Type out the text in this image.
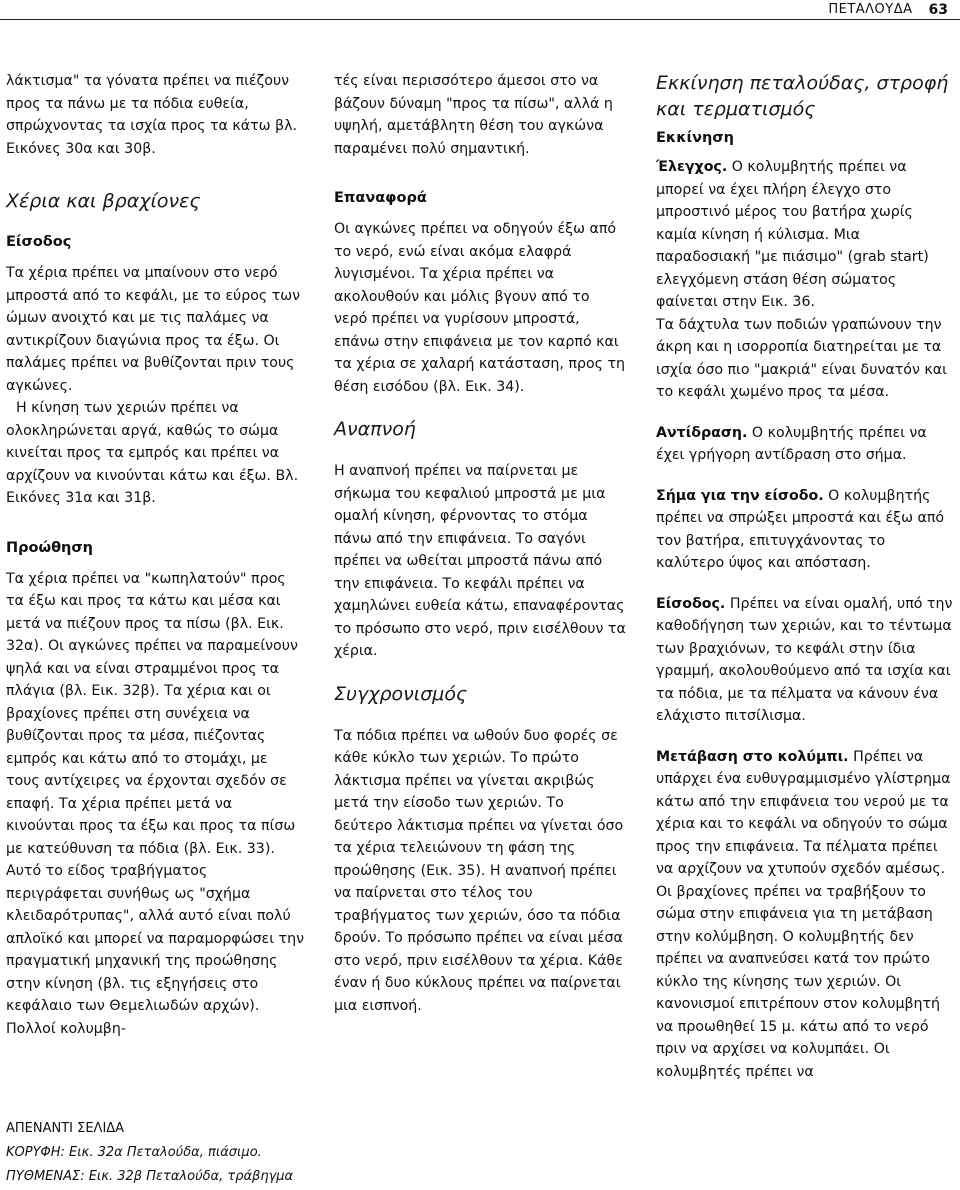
ΠΕΤΑΛΟΥΔΑ 63

λάκτισμα" τα γόνατα πρέπει να πιέζουν προς τα πάνω με τα πόδια ευθεία, σπρώχνοντας τα ισχία προς τα κάτω βλ. Εικόνες 30α και 30β.

Χέρια και βραχίονες
Είσοδος

Τα χέρια πρέπει να μπαίνουν στο νερό μπροστά από το κεφάλι, με το εύρος των ώμων ανοιχτό και με τις παλάμες να αντικρίζουν διαγώνια προς τα έξω. Οι παλάμες πρέπει να βυθίζονται πριν τους αγκώνες.

Η κίνηση των χεριών πρέπει να ολοκληρώνεται αργά, καθώς το σώμα κινείται προς τα εμπρός και πρέπει να αρχίζουν να κινούνται κάτω και έξω. Βλ. Εικόνες 31α και 31β.

Προώθηση

Τα χέρια πρέπει να "κωπηλατούν" προς τα έξω και προς τα κάτω και μέσα και μετά να πιέζουν προς τα πίσω (βλ. Εικ. 32α). Οι αγκώνες πρέπει να παραμείνουν ψηλά και να είναι στραμμένοι προς τα πλάγια (βλ. Εικ. 32β). Τα χέρια και οι βραχίονες πρέπει στη συνέχεια να βυθίζονται προς τα μέσα, πιέζοντας εμπρός και κάτω από το στομάχι, με τους αντίχειρες να έρχονται σχεδόν σε επαφή. Τα χέρια πρέπει μετά να κινούνται προς τα έξω και προς τα πίσω με κατεύθυνση τα πόδια (βλ. Εικ. 33). Αυτό το είδος τραβήγματος περιγράφεται συνήθως ως "σχήμα κλειδαρότρυπας", αλλά αυτό είναι πολύ απλοϊκό και μπορεί να παραμορφώσει την πραγματική μηχανική της προώθησης στην κίνηση (βλ. τις εξηγήσεις στο κεφάλαιο των Θεμελιωδών αρχών). Πολλοί κολυμβη-

τές είναι περισσότερο άμεσοι στο να βάζουν δύναμη "προς τα πίσω", αλλά η υψηλή, αμετάβλητη θέση του αγκώνα παραμένει πολύ σημαντική.

Επαναφορά

Οι αγκώνες πρέπει να οδηγούν έξω από το νερό, ενώ είναι ακόμα ελαφρά λυγισμένοι. Τα χέρια πρέπει να ακολουθούν και μόλις βγουν από το νερό πρέπει να γυρίσουν μπροστά, επάνω στην επιφάνεια με τον καρπό και τα χέρια σε χαλαρή κατάσταση, προς τη θέση εισόδου (βλ. Εικ. 34).

Αναπνοή

Η αναπνοή πρέπει να παίρνεται με σήκωμα του κεφαλιού μπροστά με μια ομαλή κίνηση, φέρνοντας το στόμα πάνω από την επιφάνεια. Το σαγόνι πρέπει να ωθείται μπροστά πάνω από την επιφάνεια. Το κεφάλι πρέπει να χαμηλώνει ευθεία κάτω, επαναφέροντας το πρόσωπο στο νερό, πριν εισέλθουν τα χέρια.

Συγχρονισμός

Τα πόδια πρέπει να ωθούν δυο φορές σε κάθε κύκλο των χεριών. Το πρώτο λάκτισμα πρέπει να γίνεται ακριβώς μετά την είσοδο των χεριών. Το δεύτερο λάκτισμα πρέπει να γίνεται όσο τα χέρια τελειώνουν τη φάση της προώθησης (Εικ. 35). Η αναπνοή πρέπει να παίρνεται στο τέλος του τραβήγματος των χεριών, όσο τα πόδια δρούν. Το πρόσωπο πρέπει να είναι μέσα στο νερό, πριν εισέλθουν τα χέρια. Κάθε έναν ή δυο κύκλους πρέπει να παίρνεται μια εισπνοή.

Εκκίνηση πεταλούδας, στροφή και τερματισμός
Εκκίνηση

Έλεγχος. Ο κολυμβητής πρέπει να μπορεί να έχει πλήρη έλεγχο στο μπροστινό μέρος του βατήρα χωρίς καμία κίνηση ή κύλισμα. Μια παραδοσιακή "με πιάσιμο" (grab start) ελεγχόμενη στάση θέση σώματος φαίνεται στην Εικ. 36.

Τα δάχτυλα των ποδιών γραπώνουν την άκρη και η ισορροπία διατηρείται με τα ισχία όσο πιο "μακριά" είναι δυνατόν και το κεφάλι χωμένο προς τα μέσα.

Αντίδραση. Ο κολυμβητής πρέπει να έχει γρήγορη αντίδραση στο σήμα.

Σήμα για την είσοδο. Ο κολυμβητής πρέπει να σπρώξει μπροστά και έξω από τον βατήρα, επιτυγχάνοντας το καλύτερο ύψος και απόσταση.

Είσοδος. Πρέπει να είναι ομαλή, υπό την καθοδήγηση των χεριών, και το τέντωμα των βραχιόνων, το κεφάλι στην ίδια γραμμή, ακολουθούμενο από τα ισχία και τα πόδια, με τα πέλματα να κάνουν ένα ελάχιστο πιτσίλισμα.

Μετάβαση στο κολύμπι. Πρέπει να υπάρχει ένα ευθυγραμμισμένο γλίστρημα κάτω από την επιφάνεια του νερού με τα χέρια και το κεφάλι να οδηγούν το σώμα προς την επιφάνεια. Τα πέλματα πρέπει να αρχίζουν να χτυπούν σχεδόν αμέσως. Οι βραχίονες πρέπει να τραβήξουν το σώμα στην επιφάνεια για τη μετάβαση στην κολύμβηση. Ο κολυμβητής δεν πρέπει να αναπνεύσει κατά τον πρώτο κύκλο της κίνησης των χεριών. Οι κανονισμοί επιτρέπουν στον κολυμβητή να προωθηθεί 15 μ. κάτω από το νερό πριν να αρχίσει να κολυμπάει. Οι κολυμβητές πρέπει να

ΑΠΕΝΑΝΤΙ ΣΕΛΙΔΑ
ΚΟΡΥΦΗ: Εικ. 32α Πεταλούδα, πιάσιμο.
ΠΥΘΜΕΝΑΣ: Εικ. 32β Πεταλούδα, τράβηγμα
